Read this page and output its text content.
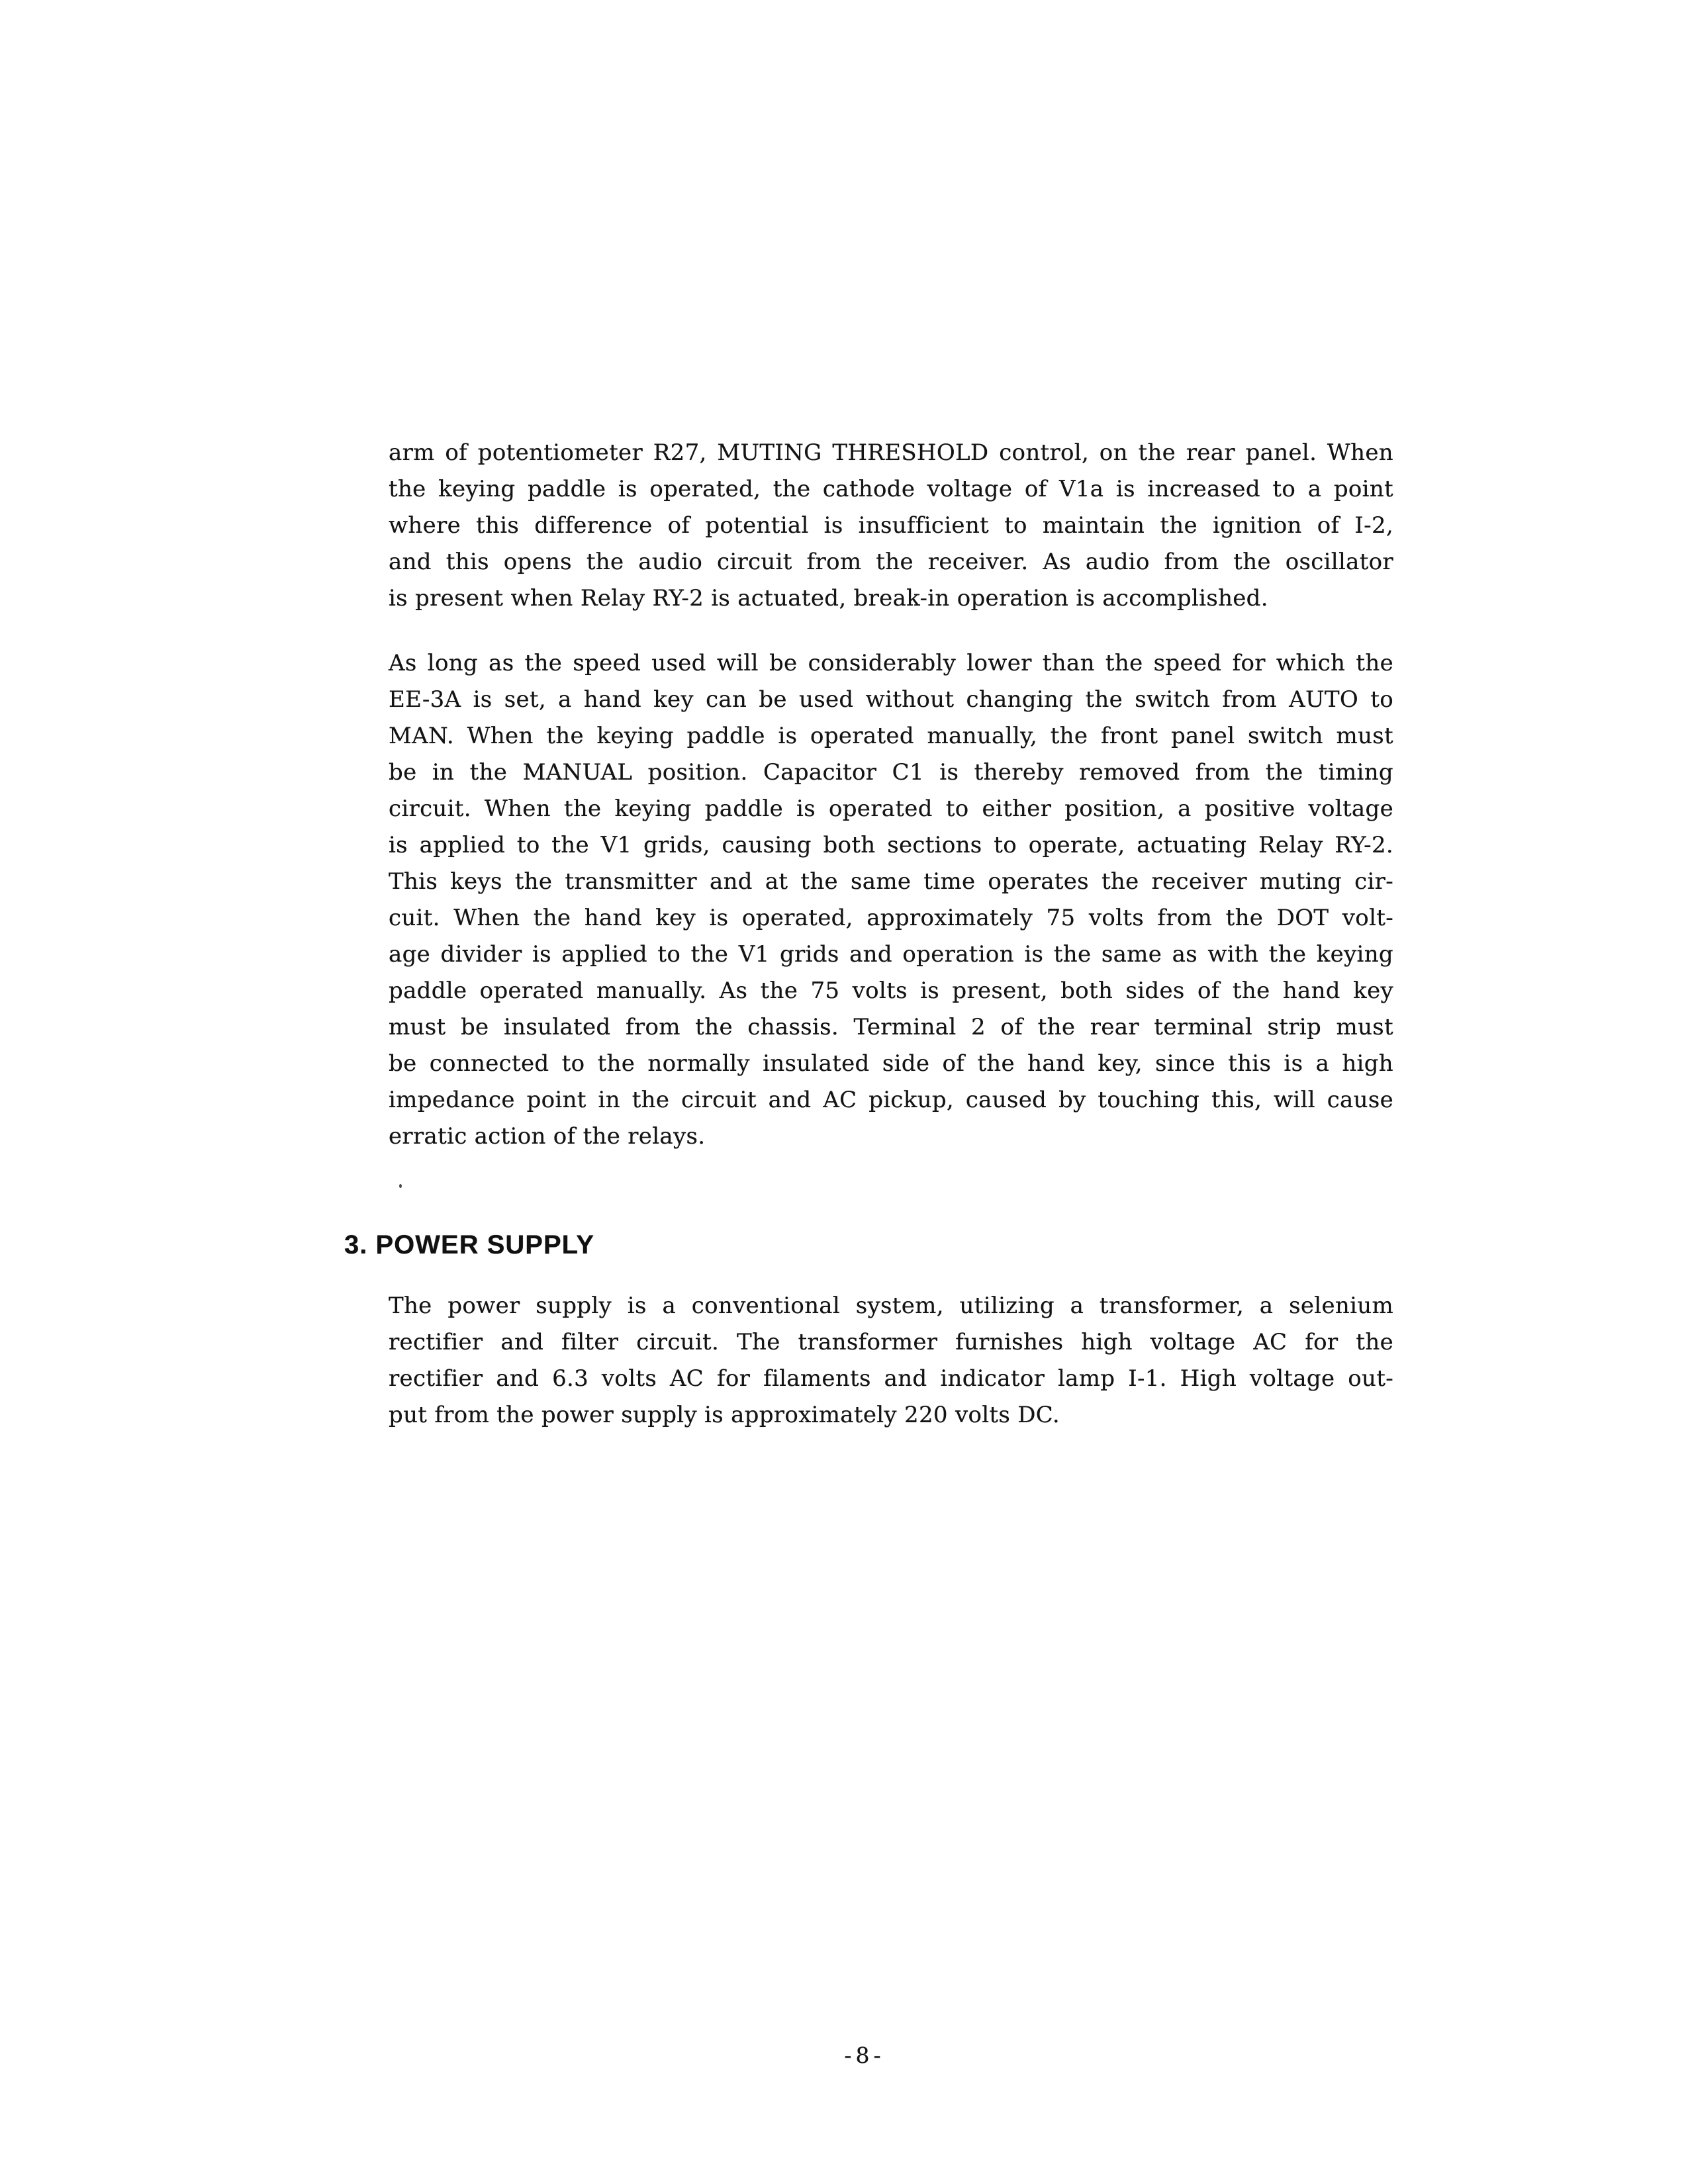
arm of potentiometer R27, MUTING THRESHOLD control, on the rear panel. When
the keying paddle is operated, the cathode voltage of V1a is increased to a point
where this difference of potential is insufficient to maintain the ignition of I-2,
and this opens the audio circuit from the receiver. As audio from the oscillator
is present when Relay RY-2 is actuated, break-in operation is accomplished.
As long as the speed used will be considerably lower than the speed for which the
EE-3A is set, a hand key can be used without changing the switch from AUTO to
MAN. When the keying paddle is operated manually, the front panel switch must
be in the MANUAL position. Capacitor C1 is thereby removed from the timing
circuit. When the keying paddle is operated to either position, a positive voltage
is applied to the V1 grids, causing both sections to operate, actuating Relay RY-2.
This keys the transmitter and at the same time operates the receiver muting cir-
cuit. When the hand key is operated, approximately 75 volts from the DOT volt-
age divider is applied to the V1 grids and operation is the same as with the keying
paddle operated manually. As the 75 volts is present, both sides of the hand key
must be insulated from the chassis. Terminal 2 of the rear terminal strip must
be connected to the normally insulated side of the hand key, since this is a high
impedance point in the circuit and AC pickup, caused by touching this, will cause
erratic action of the relays.
3. POWER SUPPLY
The power supply is a conventional system, utilizing a transformer, a selenium
rectifier and filter circuit. The transformer furnishes high voltage AC for the
rectifier and 6.3 volts AC for filaments and indicator lamp I-1. High voltage out-
put from the power supply is approximately 220 volts DC.
-8-
